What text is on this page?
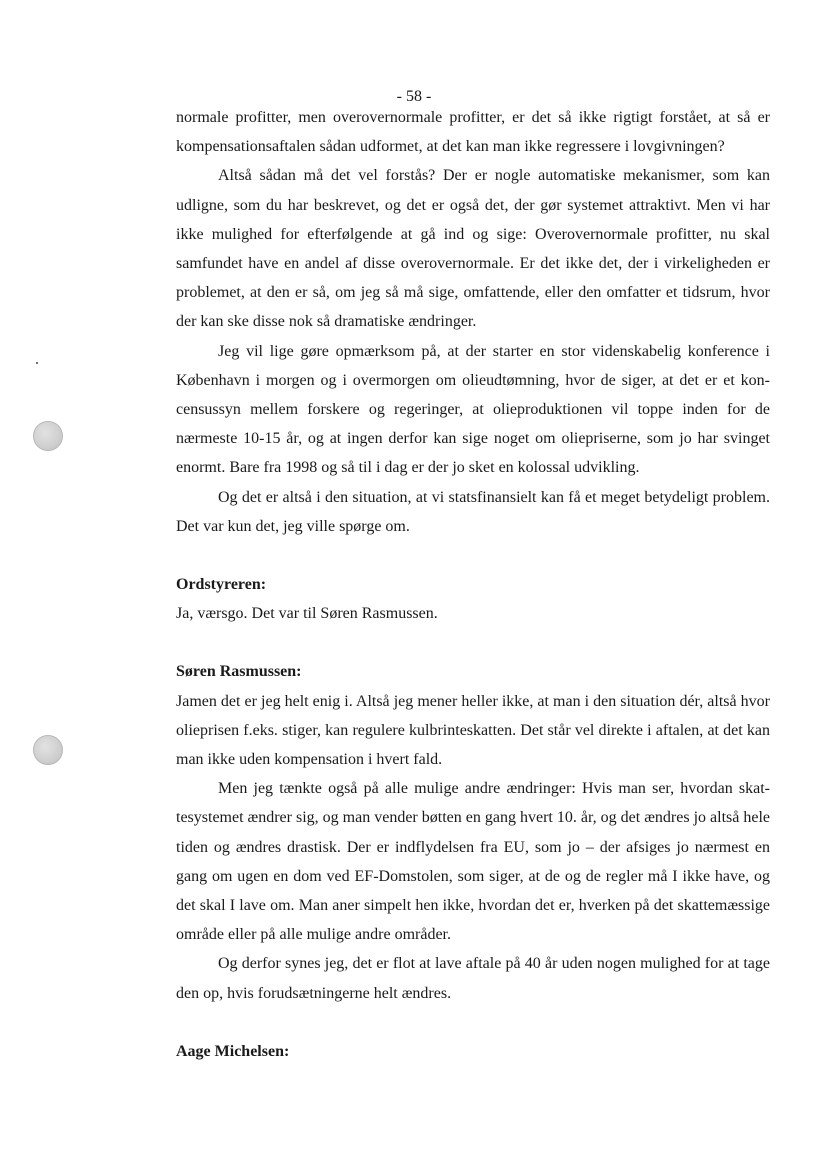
- 58 -

normale profitter, men overovernormale profitter, er det så ikke rigtigt forstået, at så er kompensationsaftalen sådan udformet, at det kan man ikke regressere i lovgivningen?

Altså sådan må det vel forstås? Der er nogle automatiske mekanismer, som kan udligne, som du har beskrevet, og det er også det, der gør systemet attraktivt. Men vi har ikke mulighed for efterfølgende at gå ind og sige: Overovernormale profitter, nu skal samfundet have en andel af disse overovernormale. Er det ikke det, der i virkeligheden er problemet, at den er så, om jeg så må sige, omfattende, eller den omfatter et tidsrum, hvor der kan ske disse nok så dramatiske ændringer.

Jeg vil lige gøre opmærksom på, at der starter en stor videnskabelig konference i København i morgen og i overmorgen om olieudtømning, hvor de siger, at det er et koncensussyn mellem forskere og regeringer, at olieproduktionen vil toppe inden for de nærmeste 10-15 år, og at ingen derfor kan sige noget om oliepriserne, som jo har svinget enormt. Bare fra 1998 og så til i dag er der jo sket en kolossal udvikling.

Og det er altså i den situation, at vi statsfinansielt kan få et meget betydeligt problem. Det var kun det, jeg ville spørge om.

Ordstyreren:

Ja, værsgo. Det var til Søren Rasmussen.

Søren Rasmussen:

Jamen det er jeg helt enig i. Altså jeg mener heller ikke, at man i den situation dér, altså hvor olieprisen f.eks. stiger, kan regulere kulbrinteskatten. Det står vel direkte i aftalen, at det kan man ikke uden kompensation i hvert fald.

Men jeg tænkte også på alle mulige andre ændringer: Hvis man ser, hvordan skattesystemet ændrer sig, og man vender bøtten en gang hvert 10. år, og det ændres jo altså hele tiden og ændres drastisk. Der er indflydelsen fra EU, som jo – der afsiges jo nærmest en gang om ugen en dom ved EF-Domstolen, som siger, at de og de regler må I ikke have, og det skal I lave om. Man aner simpelt hen ikke, hvordan det er, hverken på det skattemæssige område eller på alle mulige andre områder.

Og derfor synes jeg, det er flot at lave aftale på 40 år uden nogen mulighed for at tage den op, hvis forudsætningerne helt ændres.

Aage Michelsen:
